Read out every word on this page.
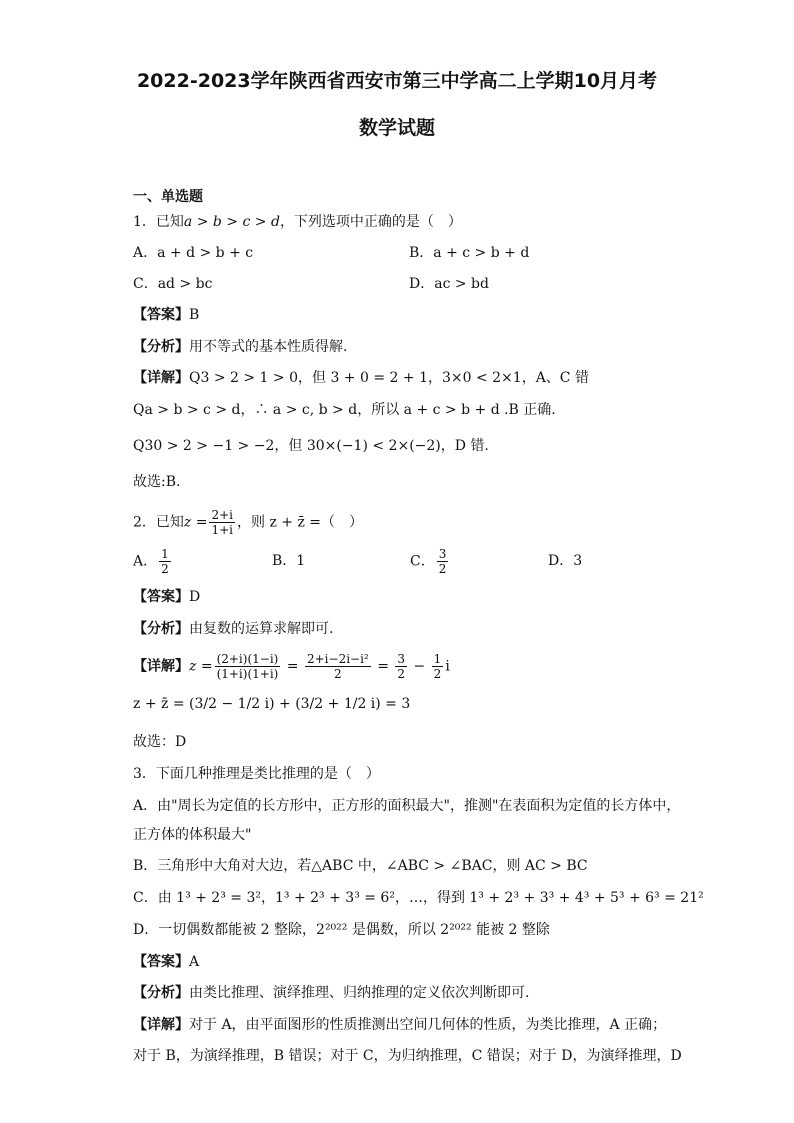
2022-2023学年陕西省西安市第三中学高二上学期10月月考
数学试题
一、单选题
1．已知a > b > c > d，下列选项中正确的是（　）
A．a + d > b + c	B．a + c > b + d
C．ad > bc	D．ac > bd
【答案】B
【分析】用不等式的基本性质得解.
【详解】Q3 > 2 > 1 > 0，但 3 + 0 = 2 + 1，3×0 < 2×1，A、C 错
Qa > b > c > d，∴ a > c, b > d，所以 a + c > b + d .B 正确.
Q30 > 2 > −1 > −2，但 30×(−1) < 2×(−2)，D 错.
故选:B.
2．已知$z = \frac{2+i}{1+i}$ ，则 z + z̄ =（　）
A． $\frac{1}{2}$	B．1	C． $\frac{3}{2}$	D．3
【答案】D
【分析】由复数的运算求解即可.
【详解】$z = \frac{(2+i)(1-i)}{(1+i)(1+i)} = \frac{\text{2+i−2i−i²}}{2} = \frac{3}{2} - \frac{1}{2}$ i
z + z̄ = (3/2 − 1/2 i) + (3/2 + 1/2 i) = 3
故选：D
3．下面几种推理是类比推理的是（　）
A．由"周长为定值的长方形中，正方形的面积最大"，推测"在表面积为定值的长方体中，
正方体的体积最大"
B．三角形中大角对大边，若△ABC 中，∠ABC > ∠BAC，则 AC > BC
C．由 1³ + 2³ = 3²，1³ + 2³ + 3³ = 6²，…，得到 1³ + 2³ + 3³ + 4³ + 5³ + 6³ = 21²
D．一切偶数都能被 2 整除，2²⁰²² 是偶数，所以 2²⁰²² 能被 2 整除
【答案】A
【分析】由类比推理、演绎推理、归纳推理的定义依次判断即可.
【详解】对于 A，由平面图形的性质推测出空间几何体的性质，为类比推理，A 正确；
对于 B，为演绎推理，B 错误；对于 C，为归纳推理，C 错误；对于 D，为演绎推理，D
